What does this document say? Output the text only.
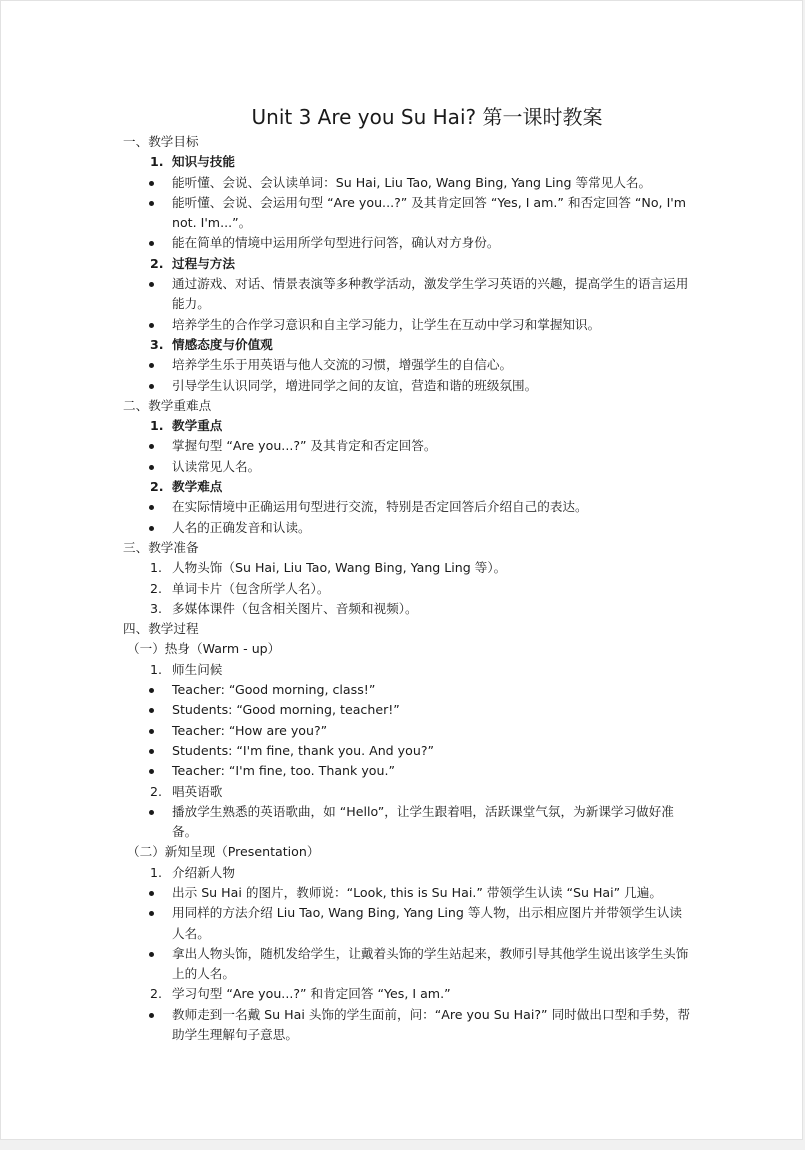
Unit 3 Are you Su Hai? 第一课时教案
一、教学目标
1. 知识与技能
能听懂、会说、会认读单词：Su Hai, Liu Tao, Wang Bing, Yang Ling 等常见人名。
能听懂、会说、会运用句型 “Are you...?” 及其肯定回答 “Yes, I am.” 和否定回答 “No, I'm not. I'm...”。
能在简单的情境中运用所学句型进行问答，确认对方身份。
2. 过程与方法
通过游戏、对话、情景表演等多种教学活动，激发学生学习英语的兴趣，提高学生的语言运用能力。
培养学生的合作学习意识和自主学习能力，让学生在互动中学习和掌握知识。
3. 情感态度与价值观
培养学生乐于用英语与他人交流的习惯，增强学生的自信心。
引导学生认识同学，增进同学之间的友谊，营造和谐的班级氛围。
二、教学重难点
1. 教学重点
掌握句型 “Are you...?” 及其肯定和否定回答。
认读常见人名。
2. 教学难点
在实际情境中正确运用句型进行交流，特别是否定回答后介绍自己的表达。
人名的正确发音和认读。
三、教学准备
1. 人物头饰（Su Hai, Liu Tao, Wang Bing, Yang Ling 等）。
2. 单词卡片（包含所学人名）。
3. 多媒体课件（包含相关图片、音频和视频）。
四、教学过程
（一）热身（Warm - up）
1. 师生问候
Teacher: “Good morning, class!”
Students: “Good morning, teacher!”
Teacher: “How are you?”
Students: “I'm fine, thank you. And you?”
Teacher: “I'm fine, too. Thank you.”
2. 唱英语歌
播放学生熟悉的英语歌曲，如 “Hello”，让学生跟着唱，活跃课堂气氛，为新课学习做好准备。
（二）新知呈现（Presentation）
1. 介绍新人物
出示 Su Hai 的图片，教师说：“Look, this is Su Hai.” 带领学生认读 “Su Hai” 几遍。
用同样的方法介绍 Liu Tao, Wang Bing, Yang Ling 等人物，出示相应图片并带领学生认读人名。
拿出人物头饰，随机发给学生，让戴着头饰的学生站起来，教师引导其他学生说出该学生头饰上的人名。
2. 学习句型 “Are you...?” 和肯定回答 “Yes, I am.”
教师走到一名戴 Su Hai 头饰的学生面前，问：“Are you Su Hai?” 同时做出口型和手势，帮助学生理解句子意思。
